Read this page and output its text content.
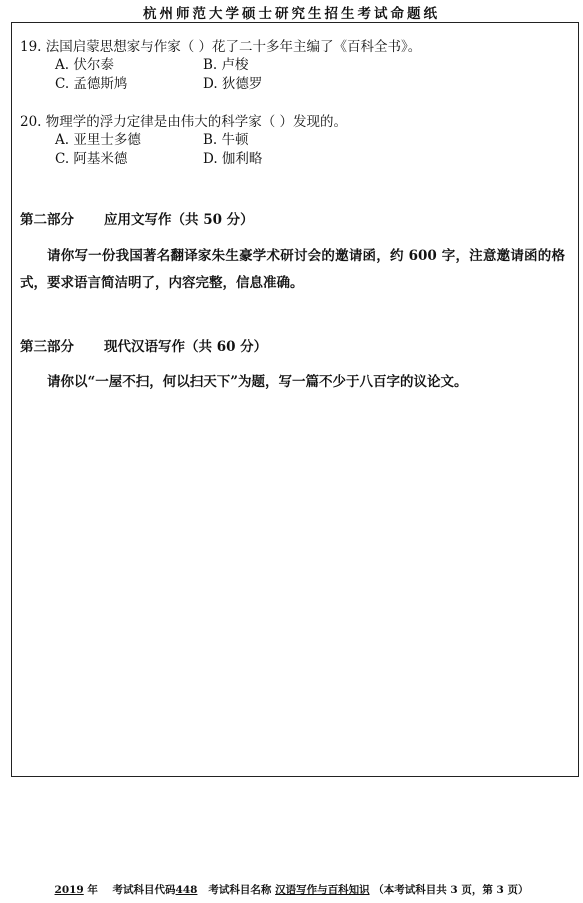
杭州师范大学硕士研究生招生考试命题纸
19. 法国启蒙思想家与作家（ ）花了二十多年主编了《百科全书》。
A. 伏尔泰	B. 卢梭
C. 孟德斯鸠	D. 狄德罗
20. 物理学的浮力定律是由伟大的科学家（ ）发现的。
A. 亚里士多德	B. 牛顿
C. 阿基米德	D. 伽利略
第二部分 应用文写作（共 50 分）
请你写一份我国著名翻译家朱生豪学术研讨会的邀请函，约 600 字，注意邀请函的格式，要求语言简洁明了，内容完整，信息准确。
第三部分 现代汉语写作（共 60 分）
请你以“一屋不扫，何以扫天下”为题，写一篇不少于八百字的议论文。
2019 年 考试科目代码448 考试科目名称 汉语写作与百科知识 （本考试科目共 3 页，第 3 页）
